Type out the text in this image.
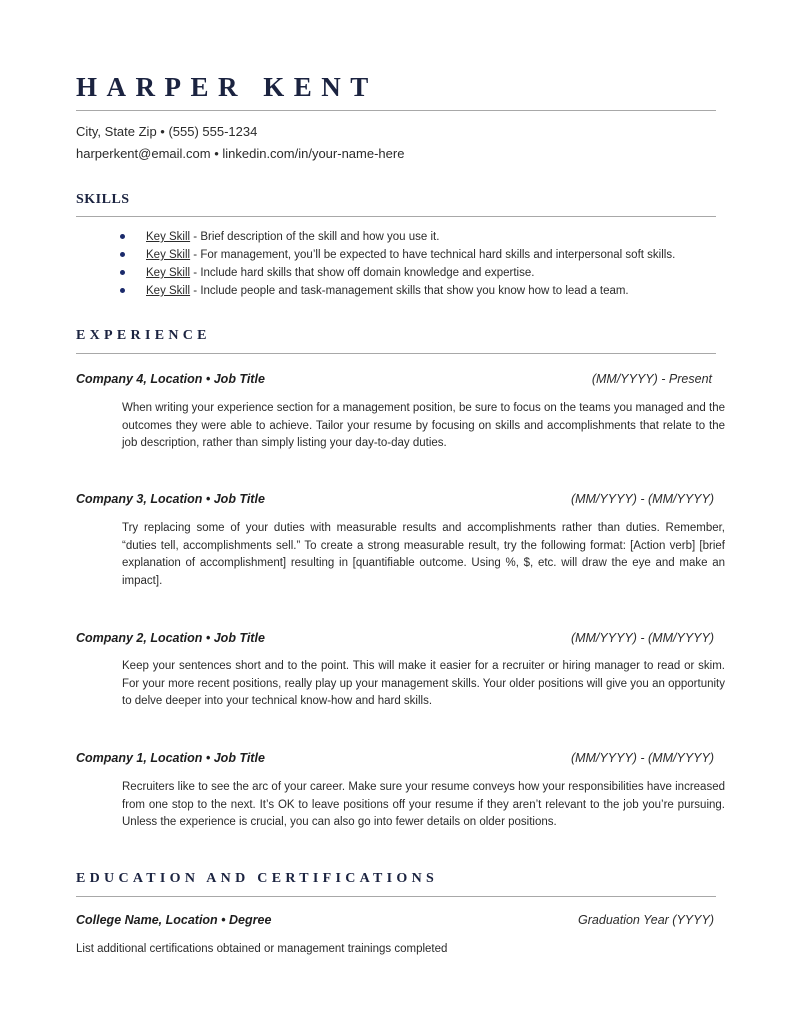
HARPER KENT
City, State Zip • (555) 555-1234
harperkent@email.com • linkedin.com/in/your-name-here
SKILLS
Key Skill - Brief description of the skill and how you use it.
Key Skill - For management, you’ll be expected to have technical hard skills and interpersonal soft skills.
Key Skill - Include hard skills that show off domain knowledge and expertise.
Key Skill - Include people and task-management skills that show you know how to lead a team.
EXPERIENCE
Company 4, Location • Job Title	(MM/YYYY) - Present

When writing your experience section for a management position, be sure to focus on the teams you managed and the outcomes they were able to achieve. Tailor your resume by focusing on skills and accomplishments that relate to the job description, rather than simply listing your day-to-day duties.

Company 3, Location • Job Title	(MM/YYYY) - (MM/YYYY)

Try replacing some of your duties with measurable results and accomplishments rather than duties. Remember, “duties tell, accomplishments sell.” To create a strong measurable result, try the following format: [Action verb] [brief explanation of accomplishment] resulting in [quantifiable outcome. Using %, $, etc. will draw the eye and make an impact].

Company 2, Location • Job Title	(MM/YYYY) - (MM/YYYY)

Keep your sentences short and to the point. This will make it easier for a recruiter or hiring manager to read or skim. For your more recent positions, really play up your management skills. Your older positions will give you an opportunity to delve deeper into your technical know-how and hard skills.

Company 1, Location • Job Title	(MM/YYYY) - (MM/YYYY)

Recruiters like to see the arc of your career. Make sure your resume conveys how your responsibilities have increased from one stop to the next. It’s OK to leave positions off your resume if they aren’t relevant to the job you’re pursuing. Unless the experience is crucial, you can also go into fewer details on older positions.

EDUCATION AND CERTIFICATIONS
College Name, Location • Degree	Graduation Year (YYYY)
List additional certifications obtained or management trainings completed
